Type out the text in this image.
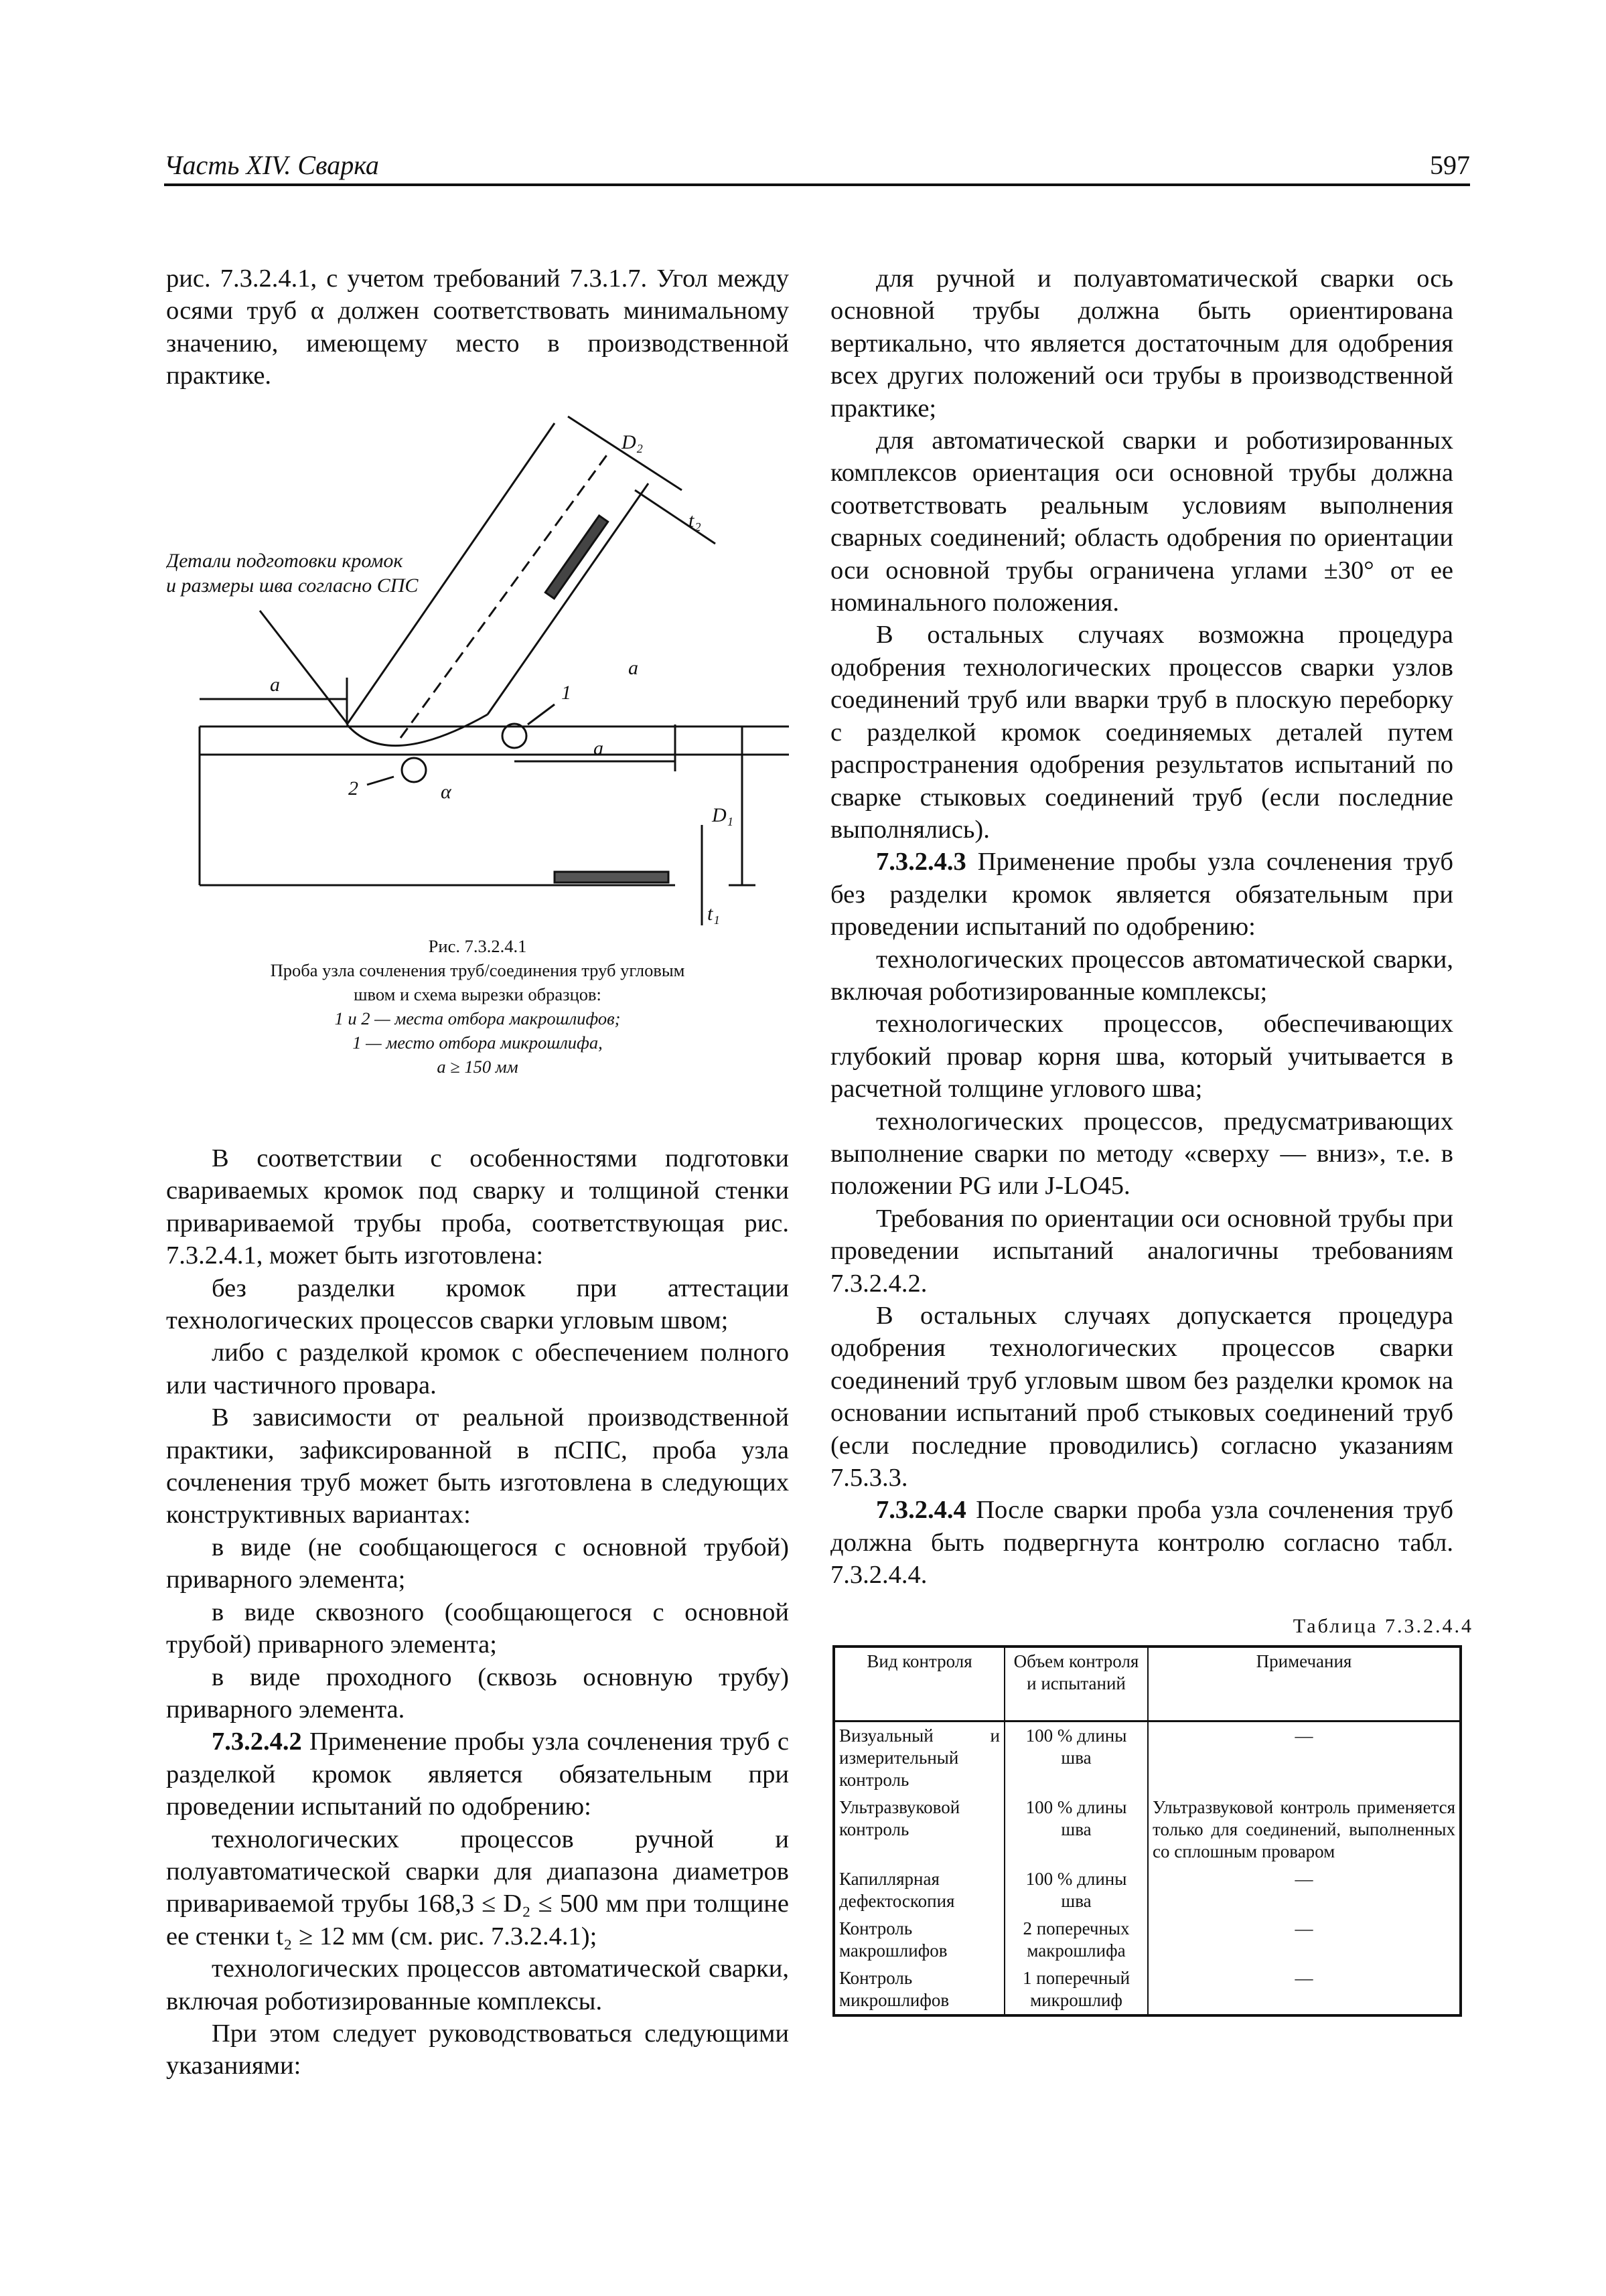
Часть XIV. Сварка	597

рис. 7.3.2.4.1, с учетом требований 7.3.1.7. Угол между осями труб α должен соответствовать минимальному значению, имеющему место в производственной практике.

Детали подготовки кромок
и размеры шва согласно СПС
D₂
t₂
a
a
a
1
2	α
D₁
t₁
Рис. 7.3.2.4.1
Проба узла сочленения труб/соединения труб угловым
швом и схема вырезки образцов:
1 и 2 — места отбора макрошлифов;
1 — место отбора микрошлифа,
a ≥ 150 мм

В соответствии с особенностями подготовки свариваемых кромок под сварку и толщиной стенки привариваемой трубы проба, соответствующая рис. 7.3.2.4.1, может быть изготовлена:

без разделки кромок при аттестации технологических процессов сварки угловым швом;

либо с разделкой кромок с обеспечением полного или частичного провара.

В зависимости от реальной производственной практики, зафиксированной в пСПС, проба узла сочленения труб может быть изготовлена в следующих конструктивных вариантах:

в виде (не сообщающегося с основной трубой) приварного элемента;

в виде сквозного (сообщающегося с основной трубой) приварного элемента;

в виде проходного (сквозь основную трубу) приварного элемента.

7.3.2.4.2 Применение пробы узла сочленения труб с разделкой кромок является обязательным при проведении испытаний по одобрению:

технологических процессов ручной и полуавтоматической сварки для диапазона диаметров привариваемой трубы 168,3 ≤ D₂ ≤ 500 мм при толщине ее стенки t₂ ≥ 12 мм (см. рис. 7.3.2.4.1);

технологических процессов автоматической сварки, включая роботизированные комплексы.

При этом следует руководствоваться следующими указаниями:

для ручной и полуавтоматической сварки ось основной трубы должна быть ориентирована вертикально, что является достаточным для одобрения всех других положений оси трубы в производственной практике;

для автоматической сварки и роботизированных комплексов ориентация оси основной трубы должна соответствовать реальным условиям выполнения сварных соединений; область одобрения по ориентации оси основной трубы ограничена углами ±30° от ее номинального положения.

В остальных случаях возможна процедура одобрения технологических процессов сварки узлов соединений труб или вварки труб в плоскую переборку с разделкой кромок соединяемых деталей путем распространения одобрения результатов испытаний по сварке стыковых соединений труб (если последние выполнялись).

7.3.2.4.3 Применение пробы узла сочленения труб без разделки кромок является обязательным при проведении испытаний по одобрению:

технологических процессов автоматической сварки, включая роботизированные комплексы;

технологических процессов, обеспечивающих глубокий провар корня шва, который учитывается в расчетной толщине углового шва;

технологических процессов, предусматривающих выполнение сварки по методу «сверху — вниз», т.е. в положении PG или J-LO45.

Требования по ориентации оси основной трубы при проведении испытаний аналогичны требованиям 7.3.2.4.2.

В остальных случаях допускается процедура одобрения технологических процессов сварки соединений труб угловым швом без разделки кромок на основании испытаний проб стыковых соединений труб (если последние проводились) согласно указаниям 7.5.3.3.

7.3.2.4.4 После сварки проба узла сочленения труб должна быть подвергнута контролю согласно табл. 7.3.2.4.4.

Таблица 7.3.2.4.4
Вид контроля	Объем контроля и испытаний	Примечания
Визуальный и измерительный контроль	100 % длины шва	—

Ультразвуковой контроль	100 % длины шва	Ультразвуковой контроль применяется только для соединений, выполненных со сплошным проваром
Капиллярная дефектоскопия	100 % длины шва	—

Контроль макрошлифов	2 поперечных макрошлифа	—

Контроль микрошлифов	1 поперечный микрошлиф	—
